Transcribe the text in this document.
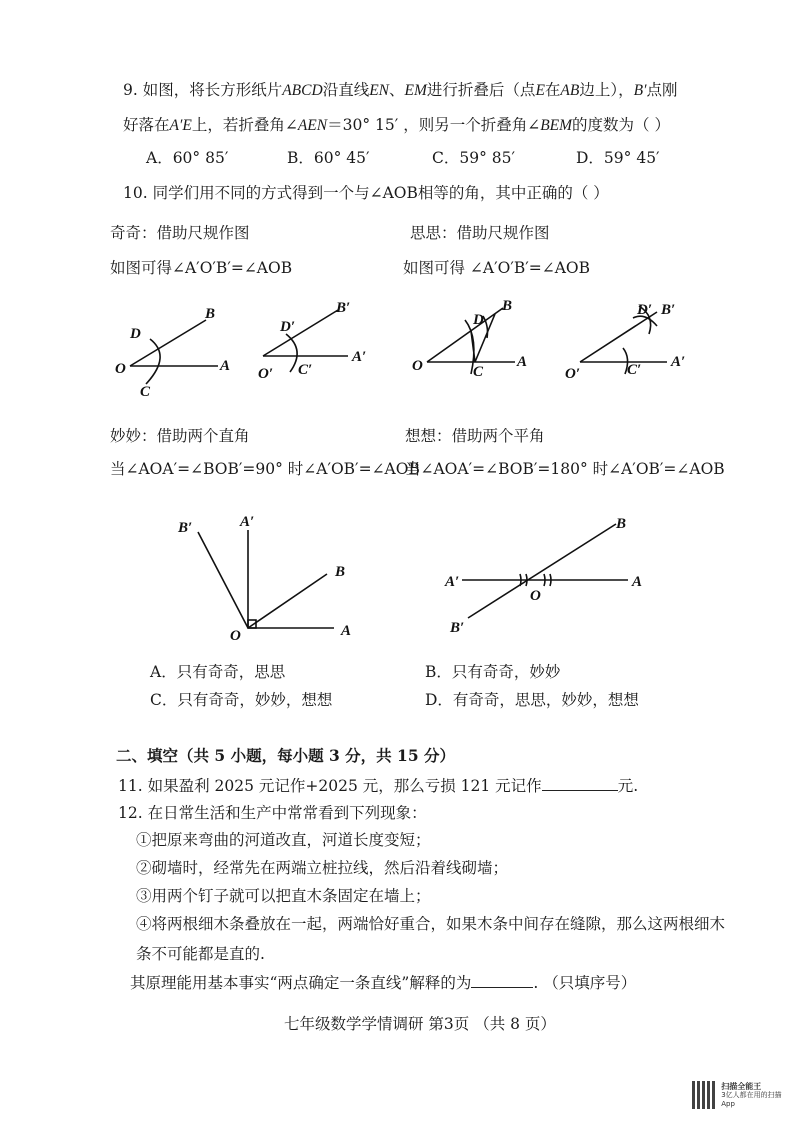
9. 如图，将长方形纸片ABCD沿直线EN、EM进行折叠后（点E在AB边上），B′点刚
好落在A′E上，若折叠角∠AEN＝30° 15′ ，则另一个折叠角∠BEM的度数为（ ）
A．60° 85′	B．60° 45′	C．59° 85′	D．59° 45′
10. 同学们用不同的方式得到一个与∠AOB相等的角，其中正确的（ ）
奇奇：借助尺规作图
如图可得∠A′O′B′=∠AOB
思思：借助尺规作图
如图可得 ∠A′O′B′=∠AOB
O	A
B
D
C
O′
A′
B′
D′
C′	O	A
B
D
C	O′
A′
B′
D′
C′
妙妙：借助两个直角
当∠AOA′=∠BOB′=90° 时∠A′OB′=∠AOB
想想：借助两个平角
当∠AOA′=∠BOB′=180° 时∠A′OB′=∠AOB
O	A
B
A′
B′
O
A
B
A′
B′
A．只有奇奇，思思	B．只有奇奇，妙妙
C．只有奇奇，妙妙，想想	D．有奇奇，思思，妙妙，想想
二、填空（共 5 小题，每小题 3 分，共 15 分）
11. 如果盈利 2025 元记作+2025 元，那么亏损 121 元记作	元.
12. 在日常生活和生产中常常看到下列现象：
①把原来弯曲的河道改直，河道长度变短；
②砌墙时，经常先在两端立桩拉线，然后沿着线砌墙；
③用两个钉子就可以把直木条固定在墙上；
④将两根细木条叠放在一起，两端恰好重合，如果木条中间存在缝隙，那么这两根细木
条不可能都是直的.
其原理能用基本事实“两点确定一条直线”解释的为	. （只填序号）
七年级数学学情调研 第3页 （共 8 页）
扫描全能王
3亿人都在用的扫描App
